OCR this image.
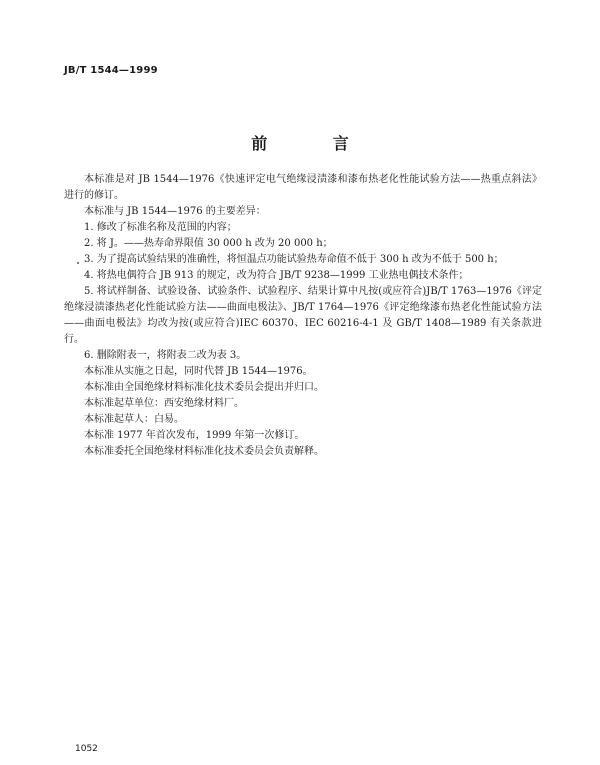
JB/T 1544—1999
前 言

本标准是对 JB 1544—1976《快速评定电气绝缘浸渍漆和漆布热老化性能试验方法——热重点斜法》进行的修订。

本标准与 JB 1544—1976 的主要差异：

1. 修改了标准名称及范围的内容；

2. 将 J。——热寿命界限值 30 000 h 改为 20 000 h；

3. 为了提高试验结果的准确性，将恒温点功能试验热寿命值不低于 300 h 改为不低于 500 h；

4. 将热电偶符合 JB 913 的规定，改为符合 JB/T 9238—1999 工业热电偶技术条件；

5. 将试样制备、试验设备、试验条件、试验程序、结果计算中凡按(或应符合)JB/T 1763—1976《评定绝缘浸渍漆热老化性能试验方法——曲面电极法》、JB/T 1764—1976《评定绝缘漆布热老化性能试验方法——曲面电极法》均改为按(或应符合)IEC 60370、IEC 60216-4-1 及 GB/T 1408—1989 有关条款进行。

6. 删除附表一，将附表二改为表 3。

本标准从实施之日起，同时代替 JB 1544—1976。

本标准由全国绝缘材料标准化技术委员会提出并归口。

本标准起草单位：西安绝缘材料厂。

本标准起草人：白易。

本标准 1977 年首次发布，1999 年第一次修订。

本标准委托全国绝缘材料标准化技术委员会负责解释。

1052
